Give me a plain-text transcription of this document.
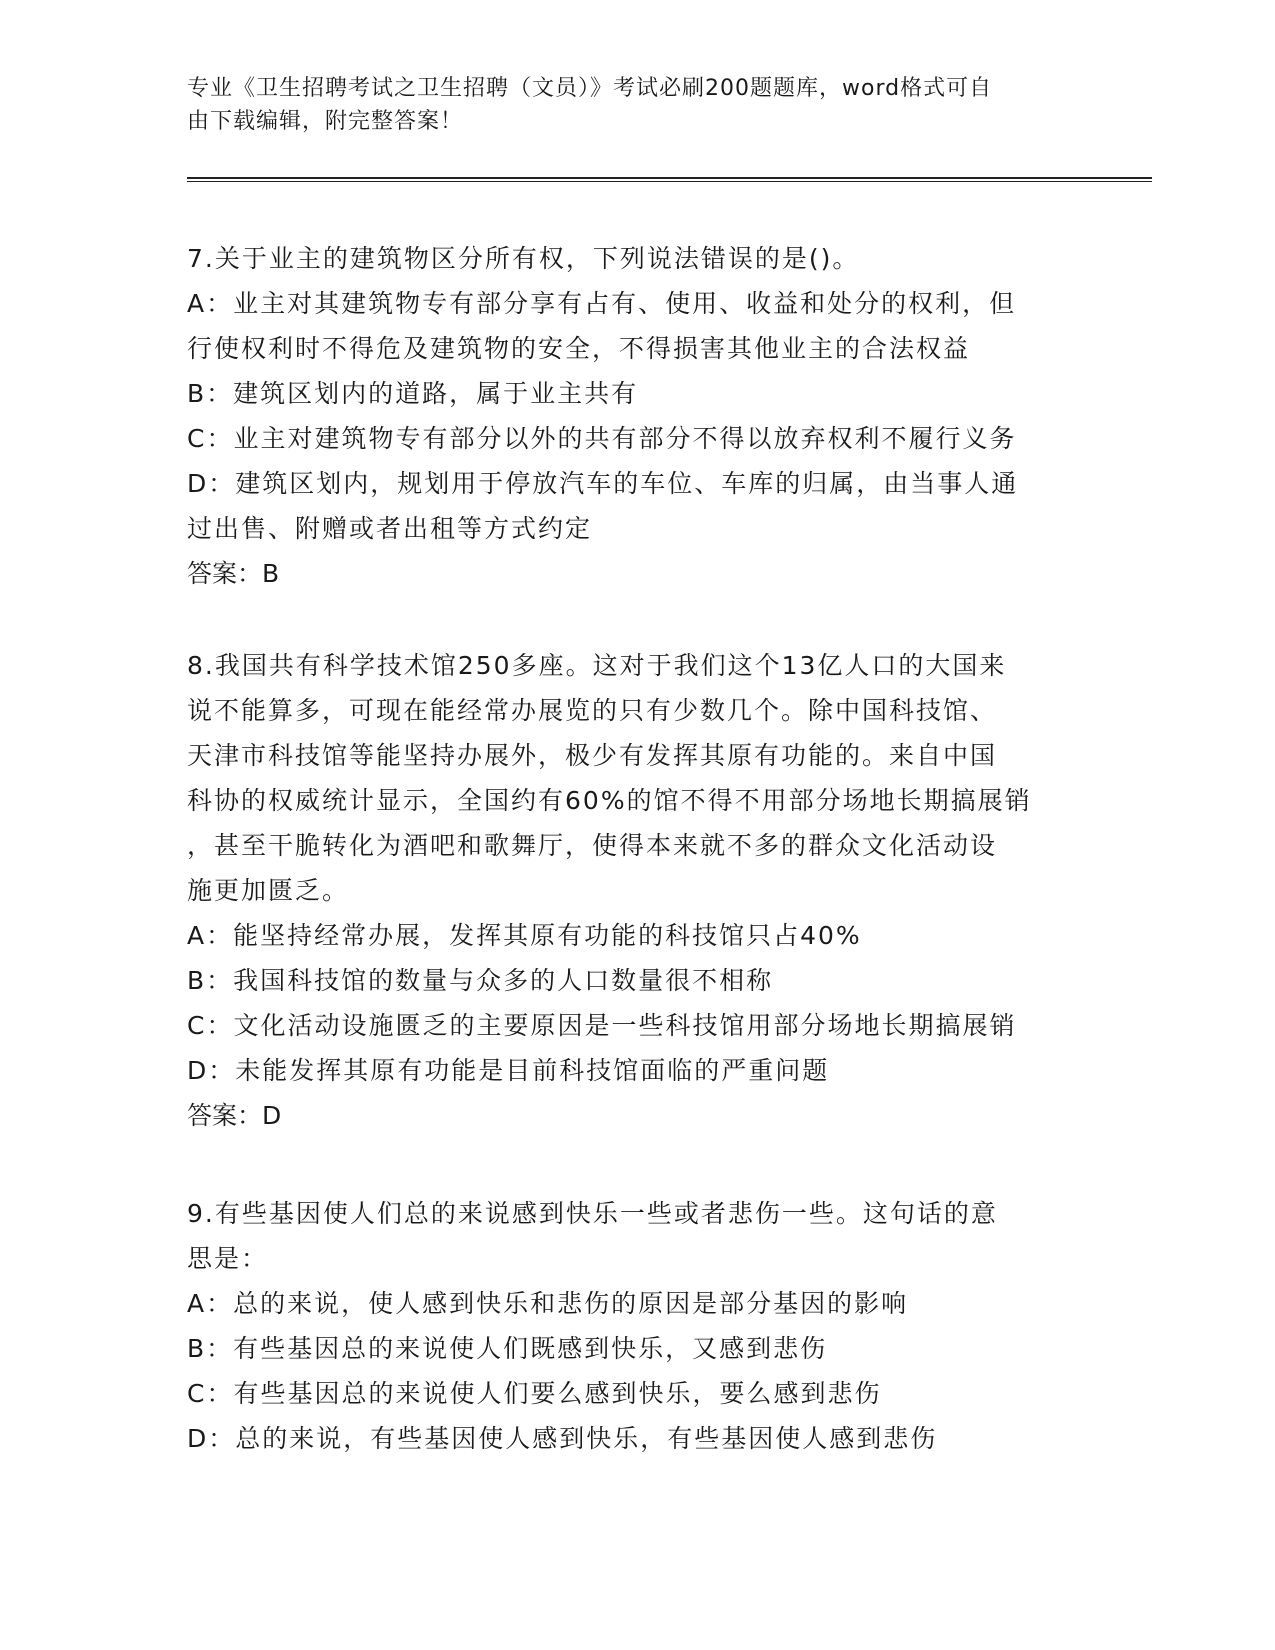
专业《卫生招聘考试之卫生招聘（文员）》考试必刷200题题库，word格式可自
由下载编辑，附完整答案！
7.关于业主的建筑物区分所有权，下列说法错误的是()。
A：业主对其建筑物专有部分享有占有、使用、收益和处分的权利，但
行使权利时不得危及建筑物的安全，不得损害其他业主的合法权益
B：建筑区划内的道路，属于业主共有
C：业主对建筑物专有部分以外的共有部分不得以放弃权利不履行义务
D：建筑区划内，规划用于停放汽车的车位、车库的归属，由当事人通
过出售、附赠或者出租等方式约定
答案：B
8.我国共有科学技术馆250多座。这对于我们这个13亿人口的大国来
说不能算多，可现在能经常办展览的只有少数几个。除中国科技馆、
天津市科技馆等能坚持办展外，极少有发挥其原有功能的。来自中国
科协的权威统计显示，全国约有60%的馆不得不用部分场地长期搞展销
，甚至干脆转化为酒吧和歌舞厅，使得本来就不多的群众文化活动设
施更加匮乏。
A：能坚持经常办展，发挥其原有功能的科技馆只占40%
B：我国科技馆的数量与众多的人口数量很不相称
C：文化活动设施匮乏的主要原因是一些科技馆用部分场地长期搞展销
D：未能发挥其原有功能是目前科技馆面临的严重问题
答案：D
9.有些基因使人们总的来说感到快乐一些或者悲伤一些。这句话的意
思是：
A：总的来说，使人感到快乐和悲伤的原因是部分基因的影响
B：有些基因总的来说使人们既感到快乐，又感到悲伤
C：有些基因总的来说使人们要么感到快乐，要么感到悲伤
D：总的来说，有些基因使人感到快乐，有些基因使人感到悲伤
